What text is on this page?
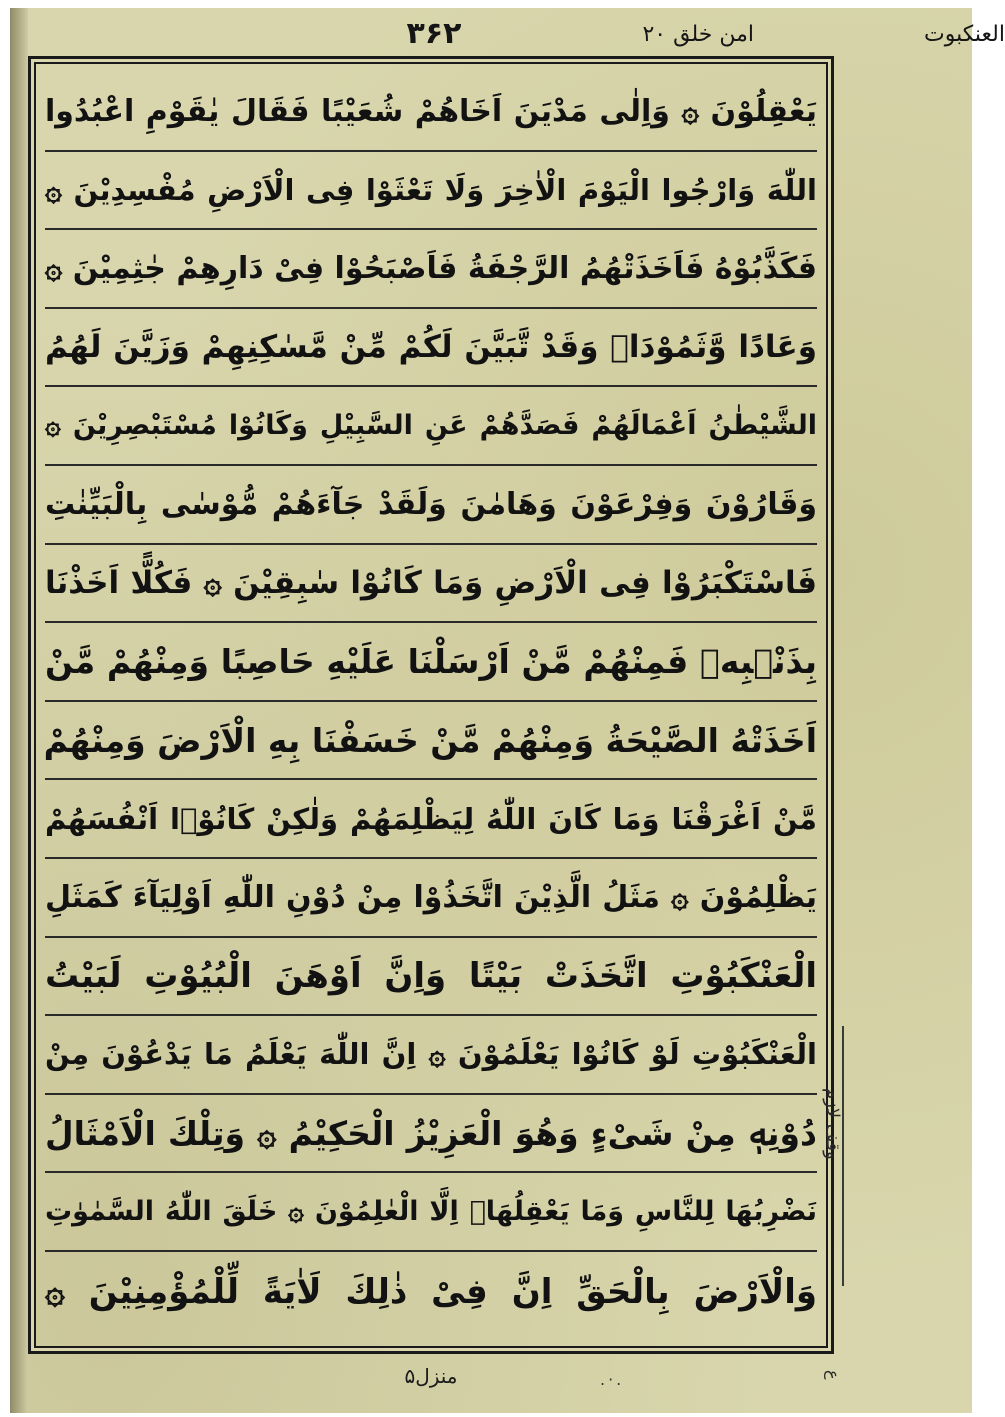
امن خلق ۲۰
۳۶۲	العنکبوت
يَعْقِلُوْنَ ۞ وَاِلٰى مَدْيَنَ اَخَاهُمْ شُعَيْبًا فَقَالَ يٰقَوْمِ اعْبُدُوا
اللّٰهَ وَارْجُوا الْيَوْمَ الْاٰخِرَ وَلَا تَعْثَوْا فِى الْاَرْضِ مُفْسِدِيْنَ ۞
فَكَذَّبُوْهُ فَاَخَذَتْهُمُ الرَّجْفَةُ فَاَصْبَحُوْا فِىْ دَارِهِمْ جٰثِمِيْنَ ۞
وَعَادًا وَّثَمُوْدَاۡ وَقَدْ تَّبَيَّنَ لَكُمْ مِّنْ مَّسٰكِنِهِمْ وَزَيَّنَ لَهُمُ
الشَّيْطٰنُ اَعْمَالَهُمْ فَصَدَّهُمْ عَنِ السَّبِيْلِ وَكَانُوْا مُسْتَبْصِرِيْنَ ۞
وَقَارُوْنَ وَفِرْعَوْنَ وَهَامٰنَ وَلَقَدْ جَآءَهُمْ مُّوْسٰى بِالْبَيِّنٰتِ
فَاسْتَكْبَرُوْا فِى الْاَرْضِ وَمَا كَانُوْا سٰبِقِيْنَ ۞ فَكُلًّا اَخَذْنَا
بِذَنْۢبِهٖ فَمِنْهُمْ مَّنْ اَرْسَلْنَا عَلَيْهِ حَاصِبًا وَمِنْهُمْ مَّنْ
اَخَذَتْهُ الصَّيْحَةُ وَمِنْهُمْ مَّنْ خَسَفْنَا بِهِ الْاَرْضَ وَمِنْهُمْ
مَّنْ اَغْرَقْنَا وَمَا كَانَ اللّٰهُ لِيَظْلِمَهُمْ وَلٰكِنْ كَانُوْۤا اَنْفُسَهُمْ
يَظْلِمُوْنَ ۞ مَثَلُ الَّذِيْنَ اتَّخَذُوْا مِنْ دُوْنِ اللّٰهِ اَوْلِيَآءَ كَمَثَلِ
الْعَنْكَبُوْتِ اتَّخَذَتْ بَيْتًا وَاِنَّ اَوْهَنَ الْبُيُوْتِ لَبَيْتُ
الْعَنْكَبُوْتِ لَوْ كَانُوْا يَعْلَمُوْنَ ۞ اِنَّ اللّٰهَ يَعْلَمُ مَا يَدْعُوْنَ مِنْ
دُوْنِهٖ مِنْ شَىْءٍ وَهُوَ الْعَزِيْزُ الْحَكِيْمُ ۞ وَتِلْكَ الْاَمْثَالُ
نَضْرِبُهَا لِلنَّاسِ وَمَا يَعْقِلُهَاۤ اِلَّا الْعٰلِمُوْنَ ۞ خَلَقَ اللّٰهُ السَّمٰوٰتِ
وَالْاَرْضَ بِالْحَقِّ اِنَّ فِىْ ذٰلِكَ لَاٰيَةً لِّلْمُؤْمِنِيْنَ ۞
وقف لازم
ع
منزل۵	.·.
